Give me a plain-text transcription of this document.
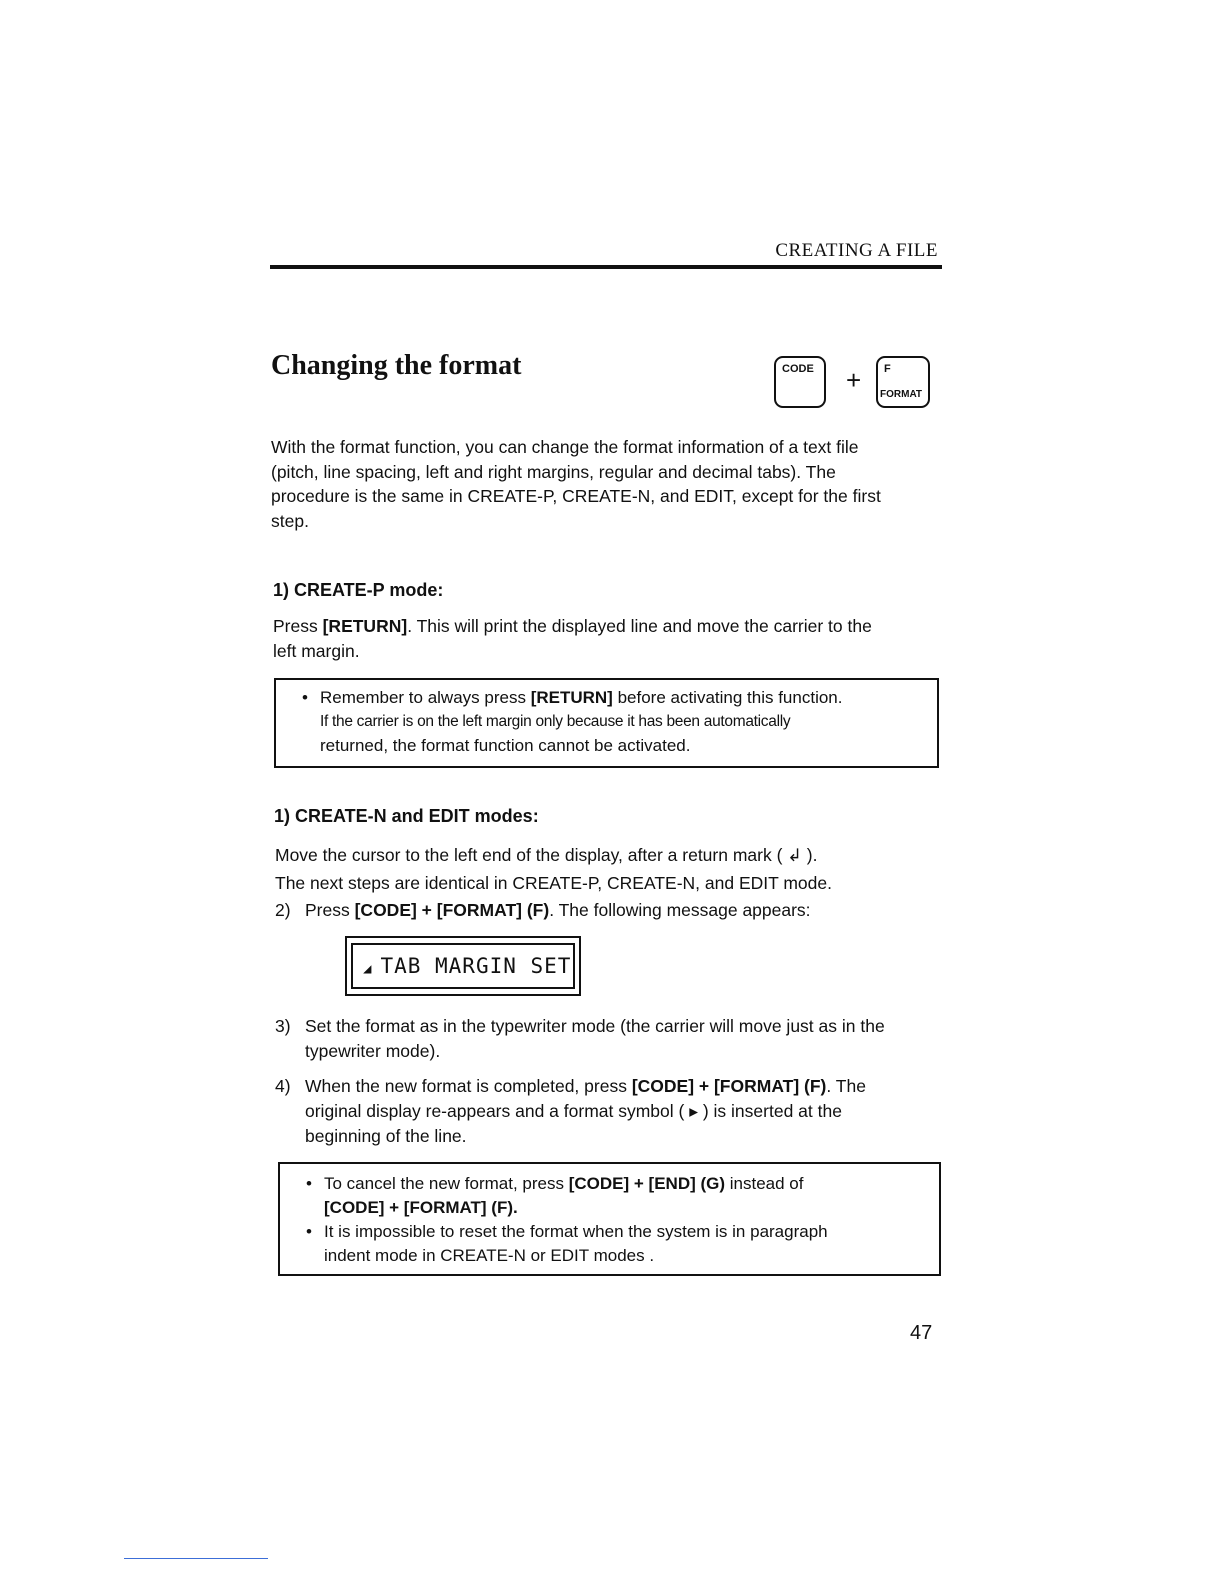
CREATING A FILE
Changing the format	CODE + F
FORMAT
With the format function, you can change the format information of a text file
(pitch, line spacing, left and right margins, regular and decimal tabs). The
procedure is the same in CREATE-P, CREATE-N, and EDIT, except for the first
step.
1) CREATE-P mode:
Press [RETURN]. This will print the displayed line and move the carrier to the
left margin.
• Remember to always press [RETURN] before activating this function.
If the carrier is on the left margin only because it has been automatically
returned, the format function cannot be activated.
1) CREATE-N and EDIT modes:
Move the cursor to the left end of the display, after a return mark ( ↲ ).
The next steps are identical in CREATE-P, CREATE-N, and EDIT mode.
2) Press [CODE] + [FORMAT] (F). The following message appears:
◢ TAB MARGIN SET
3) Set the format as in the typewriter mode (the carrier will move just as in the
typewriter mode).
4) When the new format is completed, press [CODE] + [FORMAT] (F). The
original display re-appears and a format symbol ( ▸ ) is inserted at the
beginning of the line.
• To cancel the new format, press [CODE] + [END] (G) instead of
[CODE] + [FORMAT] (F).
• It is impossible to reset the format when the system is in paragraph
indent mode in CREATE-N or EDIT modes .
47
